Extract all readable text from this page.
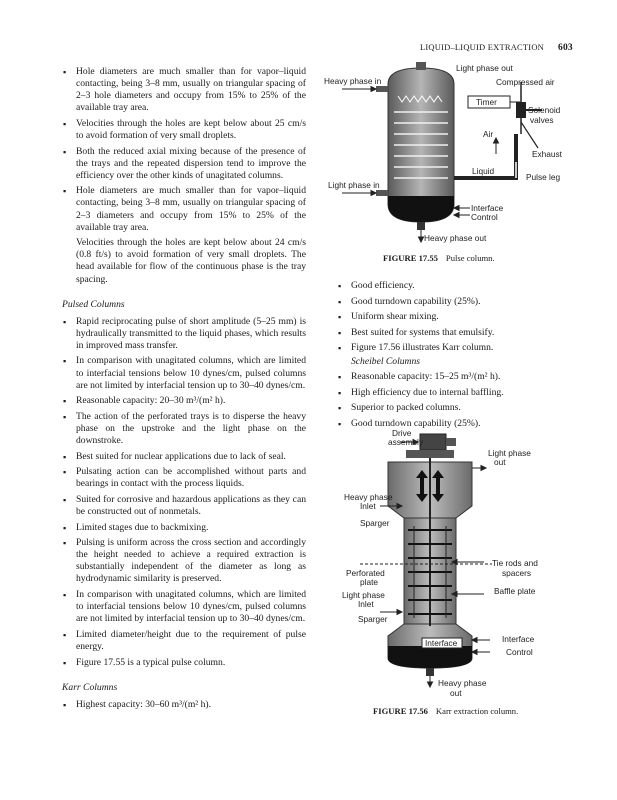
LIQUID–LIQUID EXTRACTION 603
▪ Hole diameters are much smaller than for vapor–liquid contacting, being 3–8 mm, usually on triangular spacing of 2–3 hole diameters and occupy from 15% to 25% of the available tray area.
▪ Velocities through the holes are kept below about 25 cm/s to avoid formation of very small droplets.
▪ Both the reduced axial mixing because of the presence of the trays and the repeated dispersion tend to improve the efficiency over the other kinds of unagitated columns.
▪ Hole diameters are much smaller than for vapor–liquid contacting, being 3–8 mm, usually on triangular spacing of 2–3 diameters and occupy from 15% to 25% of the available tray area.
Velocities through the holes are kept below about 24 cm/s (0.8 ft/s) to avoid formation of very small droplets. The head available for flow of the continuous phase is the tray spacing.
Pulsed Columns
▪ Rapid reciprocating pulse of short amplitude (5–25 mm) is hydraulically transmitted to the liquid phases, which results in improved mass transfer.
▪ In comparison with unagitated columns, which are limited to interfacial tensions below 10 dynes/cm, pulsed columns are not limited by interfacial tension up to 30–40 dynes/cm.
▪ Reasonable capacity: 20–30 m³/(m² h).
▪ The action of the perforated trays is to disperse the heavy phase on the upstroke and the light phase on the downstroke.
▪ Best suited for nuclear applications due to lack of seal.
▪ Pulsating action can be accomplished without parts and bearings in contact with the process liquids.
▪ Suited for corrosive and hazardous applications as they can be constructed out of nonmetals.
▪ Limited stages due to backmixing.
▪ Pulsing is uniform across the cross section and accordingly the height needed to achieve a required extraction is substantially independent of the diameter as long as hydrodynamic similarity is preserved.
▪ In comparison with unagitated columns, which are limited to interfacial tensions below 10 dynes/cm, pulsed columns are not limited by interfacial tension up to 30–40 dynes/cm.
▪ Limited diameter/height due to the requirement of pulse energy.
▪ Figure 17.55 is a typical pulse column.
Karr Columns
▪ Highest capacity: 30–60 m³/(m² h).
▪ Good efficiency.
▪ Good turndown capability (25%).
▪ Uniform shear mixing.
▪ Best suited for systems that emulsify.
▪ Figure 17.56 illustrates Karr column.
Scheibel Columns
▪ Reasonable capacity: 15–25 m³/(m² h).
▪ High efficiency due to internal baffling.
▪ Superior to packed columns.
▪ Good turndown capability (25%).
Light phase out
Compressed air
Heavy phase in
Timer
Solenoid
valves
Air
Exhaust
Liquid
Pulse leg
Light phase in
Interface
Control
Heavy phase out
FIGURE 17.55 Pulse column.
Drive
assembly
Light phase
out
Heavy phase
Inlet
Sparger
Tie rods and
spacers
Perforated
plate
Baffle plate
Light phase
Inlet
Sparger
Interface	Interface
Control
Heavy phase
out
FIGURE 17.56 Karr extraction column.
